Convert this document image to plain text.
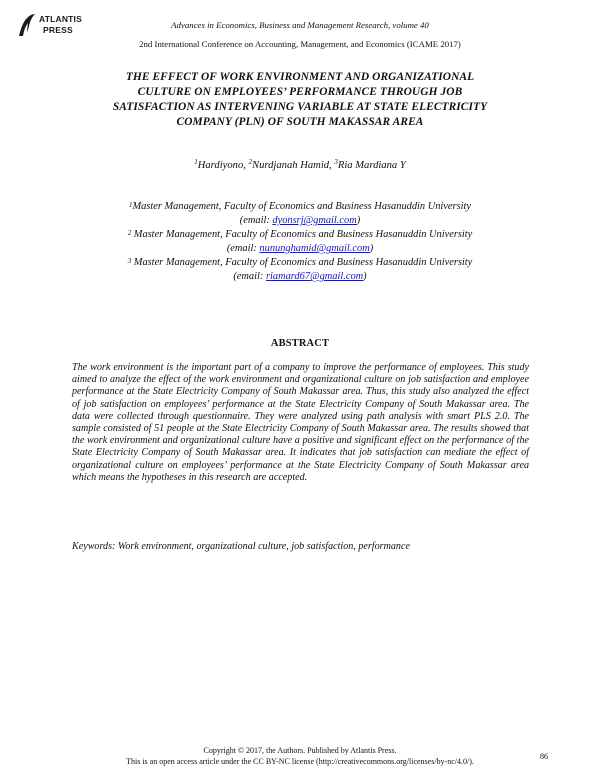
ATLANTIS
PRESS	Advances in Economics, Business and Management Research, volume 40
2nd International Conference on Accounting, Management, and Economics (ICAME 2017)
THE EFFECT OF WORK ENVIRONMENT AND ORGANIZATIONAL
CULTURE ON EMPLOYEES’ PERFORMANCE THROUGH JOB
SATISFACTION AS INTERVENING VARIABLE AT STATE ELECTRICITY
COMPANY (PLN) OF SOUTH MAKASSAR AREA
$^1$Hardiyono, $^2$Nurdjanah Hamid, $^3$Ria Mardiana Y
$^1$Master Management, Faculty of Economics and Business Hasanuddin University
(email: dyonsrj@gmail.com)
$^2$ Master Management, Faculty of Economics and Business Hasanuddin University
(email: nununghamid@gmail.com)
$^3$ Master Management, Faculty of Economics and Business Hasanuddin University
(email: riamard67@gmail.com)
ABSTRACT
The work environment is the important part of a company to improve the performance of employees. This study aimed to analyze the effect of the work environment and organizational culture on job satisfaction and employee performance at the State Electricity Company of South Makassar area. Thus, this study also analyzed the effect of job satisfaction on employees’ performance at the State Electricity Company of South Makassar area. The data were collected through questionnaire. They were analyzed using path analysis with smart PLS 2.0. The sample consisted of 51 people at the State Electricity Company of South Makassar area. The results showed that the work environment and organizational culture have a positive and significant effect on the performance of the State Electricity Company of South Makassar area. It indicates that job satisfaction can mediate the effect of organizational culture on employees’ performance at the State Electricity Company of South Makassar area which means the hypotheses in this research are accepted.
Keywords: Work environment, organizational culture, job satisfaction, performance
Copyright © 2017, the Authors. Published by Atlantis Press.
This is an open access article under the CC BY-NC license (http://creativecommons.org/licenses/by-nc/4.0/).
86
